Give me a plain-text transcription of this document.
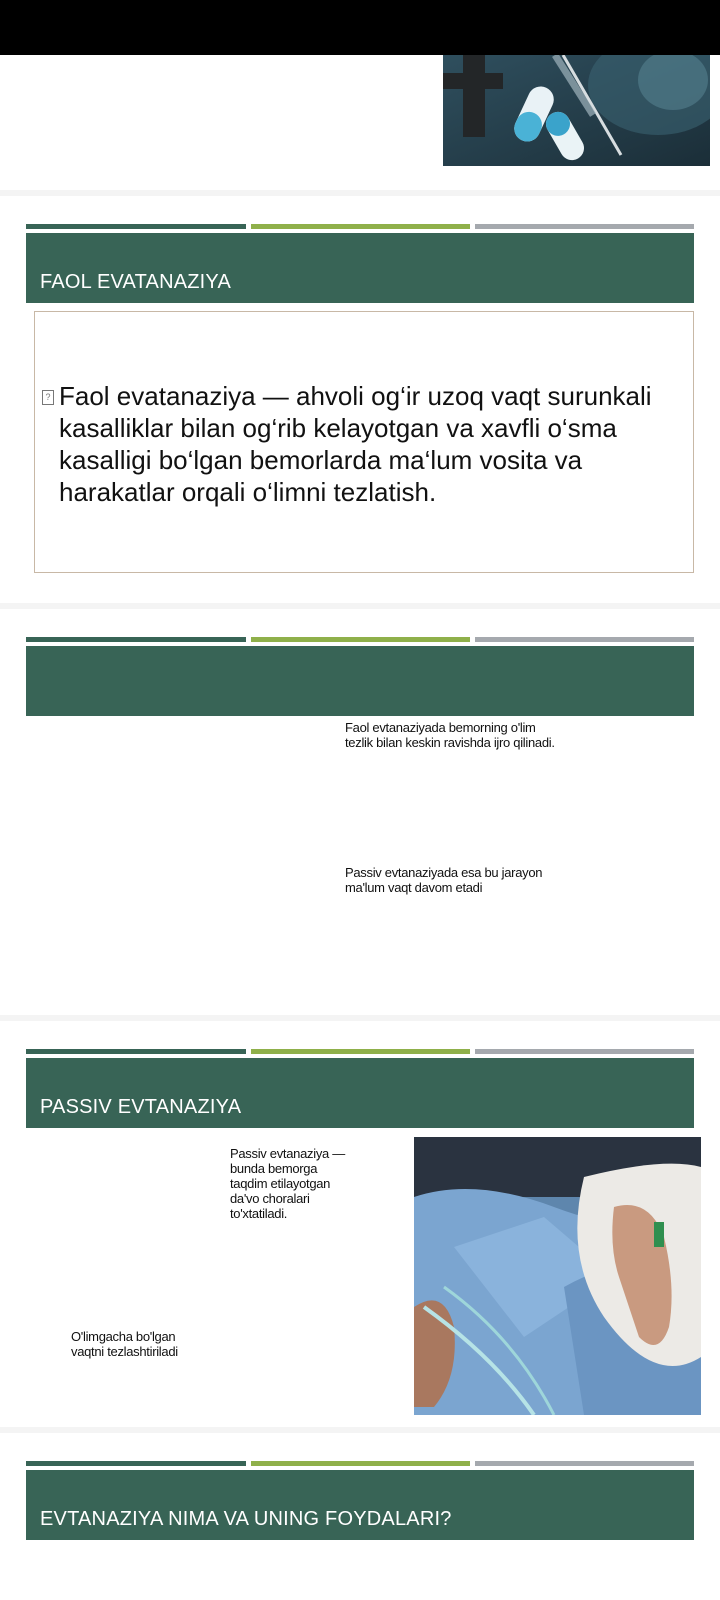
FAOL EVATANAZIYA
? Faol evatanaziya — ahvoli og‘ir uzoq vaqt surunkali kasalliklar bilan og‘rib kelayotgan va xavfli o‘sma kasalligi bo‘lgan bemorlarda ma‘lum vosita va harakatlar orqali o‘limni tezlatish.
Faol evtanaziyada bemorning o'lim tezlik bilan keskin ravishda ijro qilinadi.
Passiv evtanaziyada esa bu jarayon ma'lum vaqt davom etadi
PASSIV EVTANAZIYA
Passiv evtanaziya — bunda bemorga taqdim etilayotgan da'vo choralari to'xtatiladi.
O'limgacha bo'lgan vaqtni tezlashtiriladi
EVTANAZIYA NIMA VA UNING FOYDALARI?
